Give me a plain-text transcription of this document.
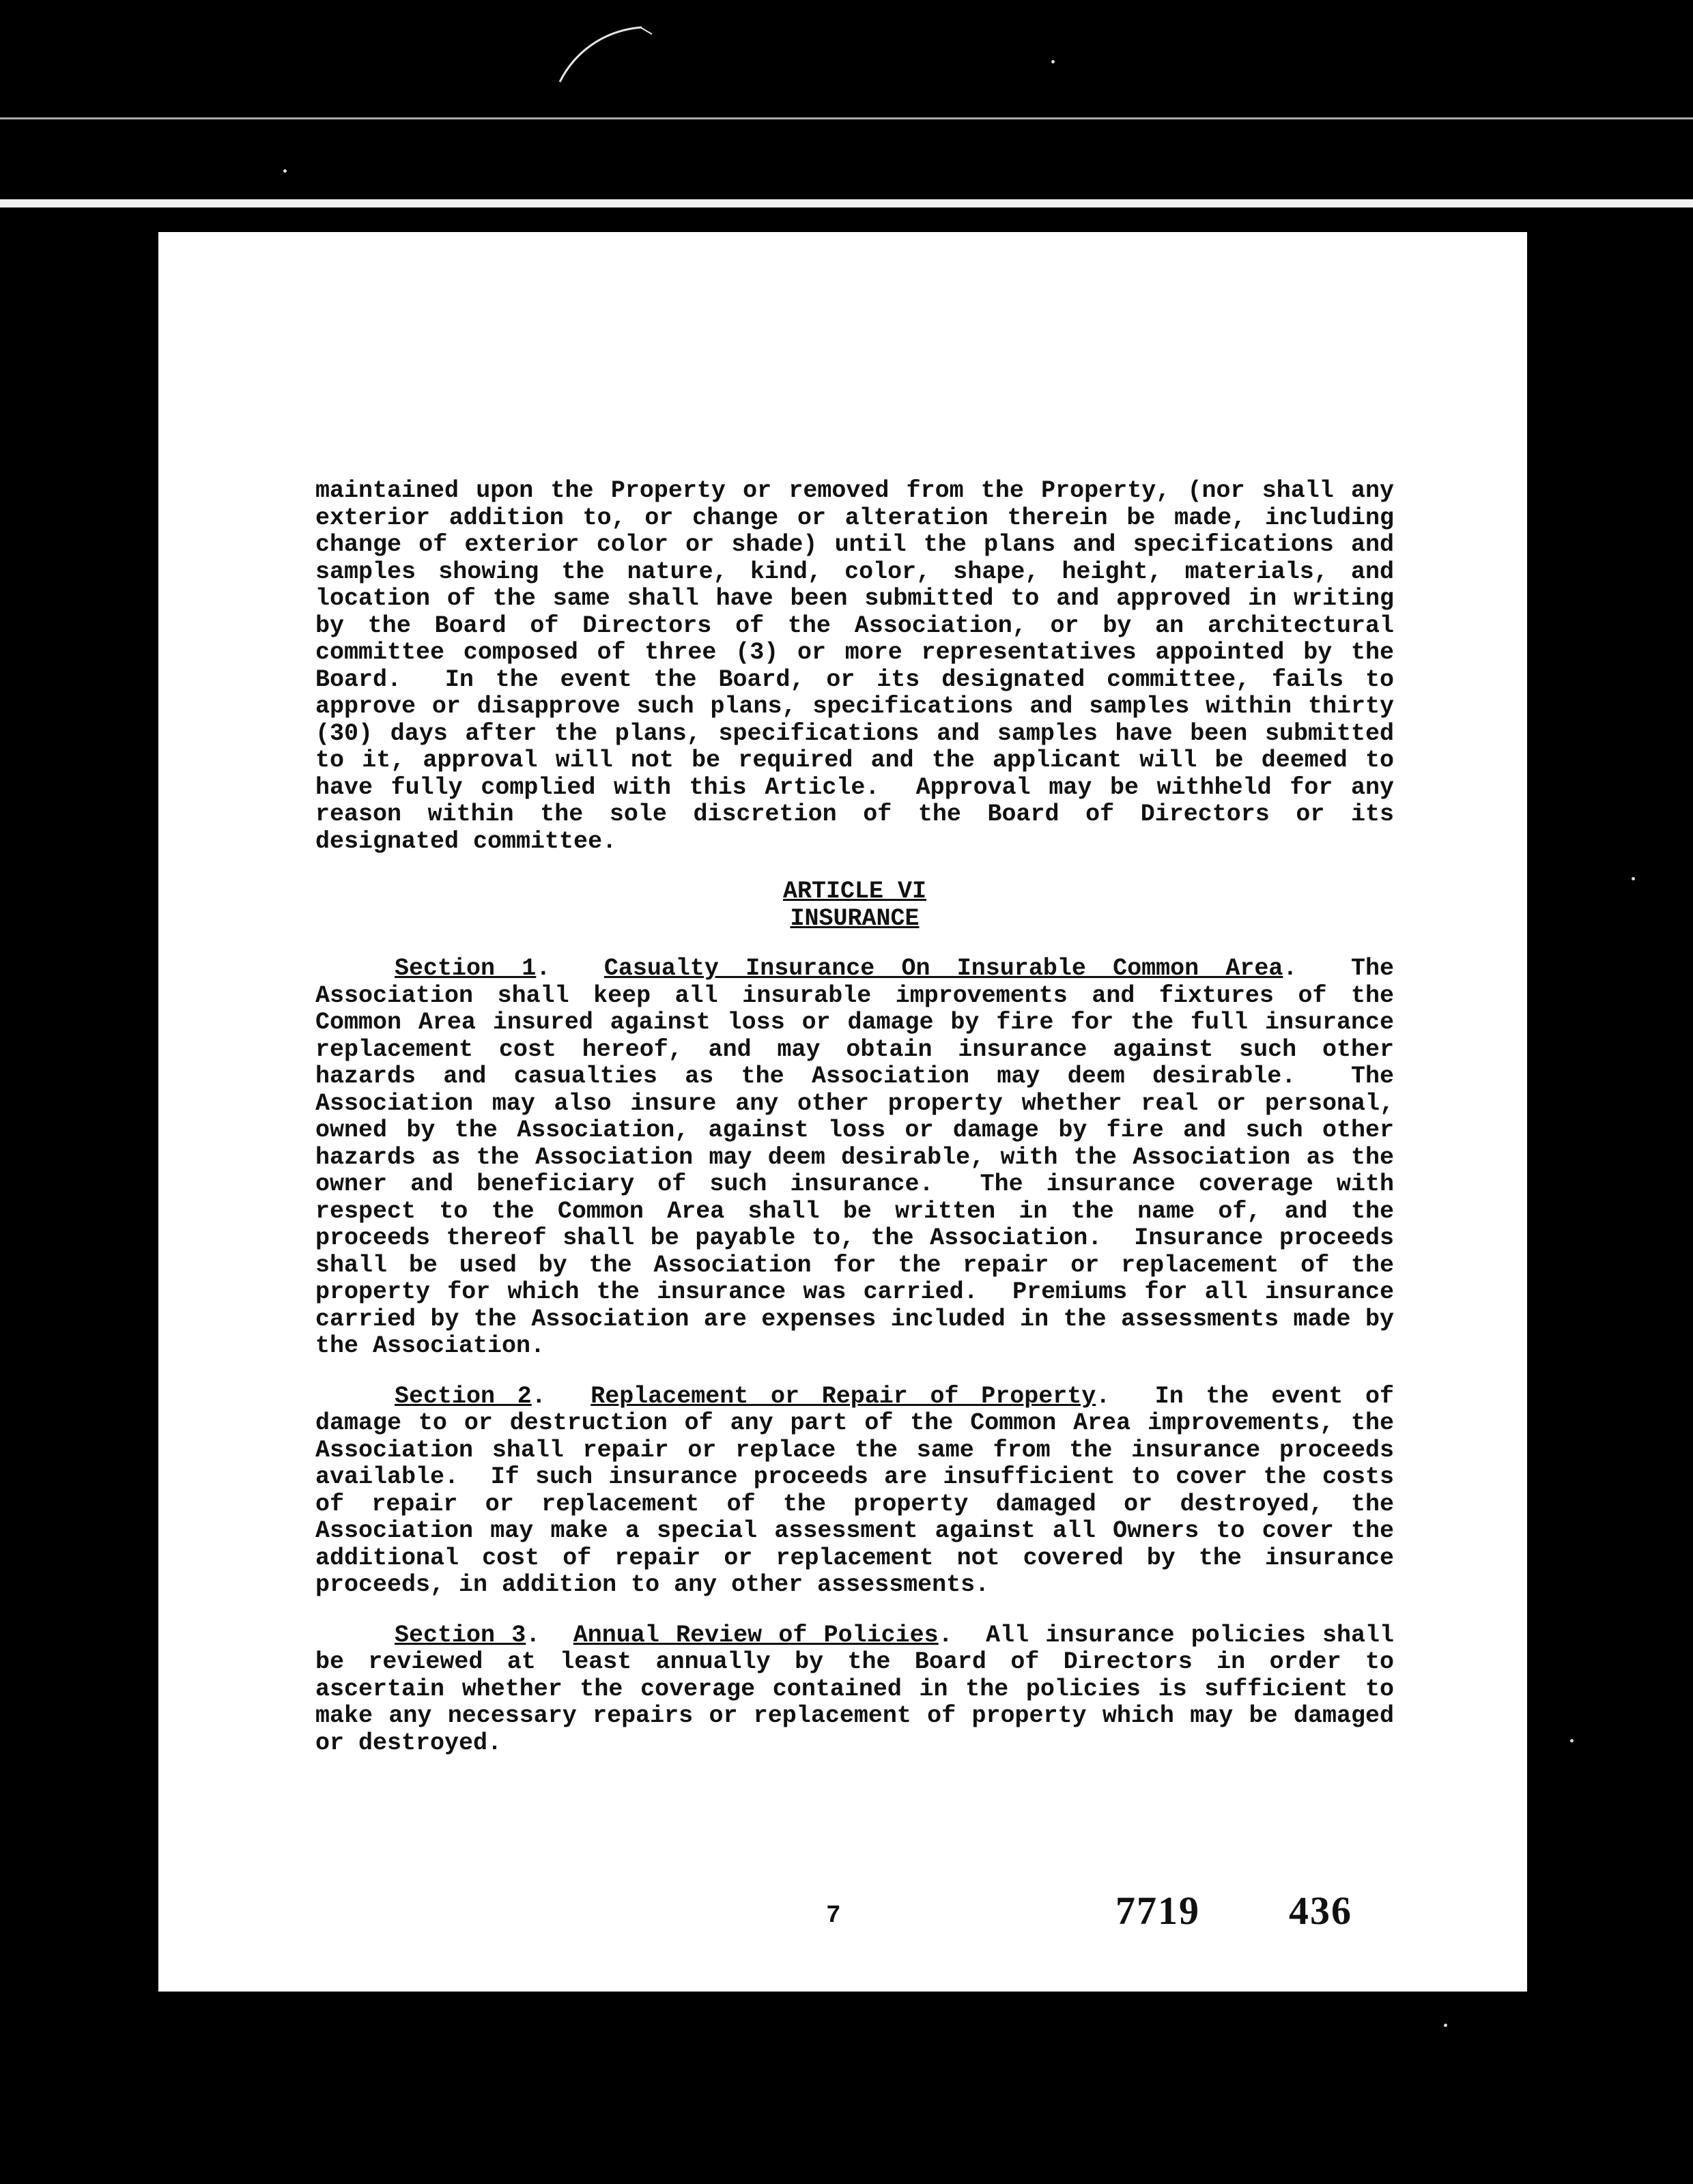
maintained upon the Property or removed from the Property, (nor shall any exterior addition to, or change or alteration therein be made, including change of exterior color or shade) until the plans and specifications and samples showing the nature, kind, color, shape, height, materials, and location of the same shall have been submitted to and approved in writing by the Board of Directors of the Association, or by an architectural committee composed of three (3) or more representatives appointed by the Board.  In the event the Board, or its designated committee, fails to approve or disapprove such plans, specifications and samples within thirty (30) days after the plans, specifications and samples have been submitted to it, approval will not be required and the applicant will be deemed to have fully complied with this Article.  Approval may be withheld for any reason within the sole discretion of the Board of Directors or its designated committee.

ARTICLE VI
INSURANCE

Section 1.  Casualty Insurance On Insurable Common Area.  The Association shall keep all insurable improvements and fixtures of the Common Area insured against loss or damage by fire for the full insurance replacement cost hereof, and may obtain insurance against such other hazards and casualties as the Association may deem desirable.  The Association may also insure any other property whether real or personal, owned by the Association, against loss or damage by fire and such other hazards as the Association may deem desirable, with the Association as the owner and beneficiary of such insurance.  The insurance coverage with respect to the Common Area shall be written in the name of, and the proceeds thereof shall be payable to, the Association.  Insurance proceeds shall be used by the Association for the repair or replacement of the property for which the insurance was carried.  Premiums for all insurance carried by the Association are expenses included in the assessments made by the Association.

Section 2.  Replacement or Repair of Property.  In the event of damage to or destruction of any part of the Common Area improvements, the Association shall repair or replace the same from the insurance proceeds available.  If such insurance proceeds are insufficient to cover the costs of repair or replacement of the property damaged or destroyed, the Association may make a special assessment against all Owners to cover the additional cost of repair or replacement not covered by the insurance proceeds, in addition to any other assessments.

Section 3.  Annual Review of Policies.  All insurance policies shall be reviewed at least annually by the Board of Directors in order to ascertain whether the coverage contained in the policies is sufficient to make any necessary repairs or replacement of property which may be damaged or destroyed.

7	7719 436
